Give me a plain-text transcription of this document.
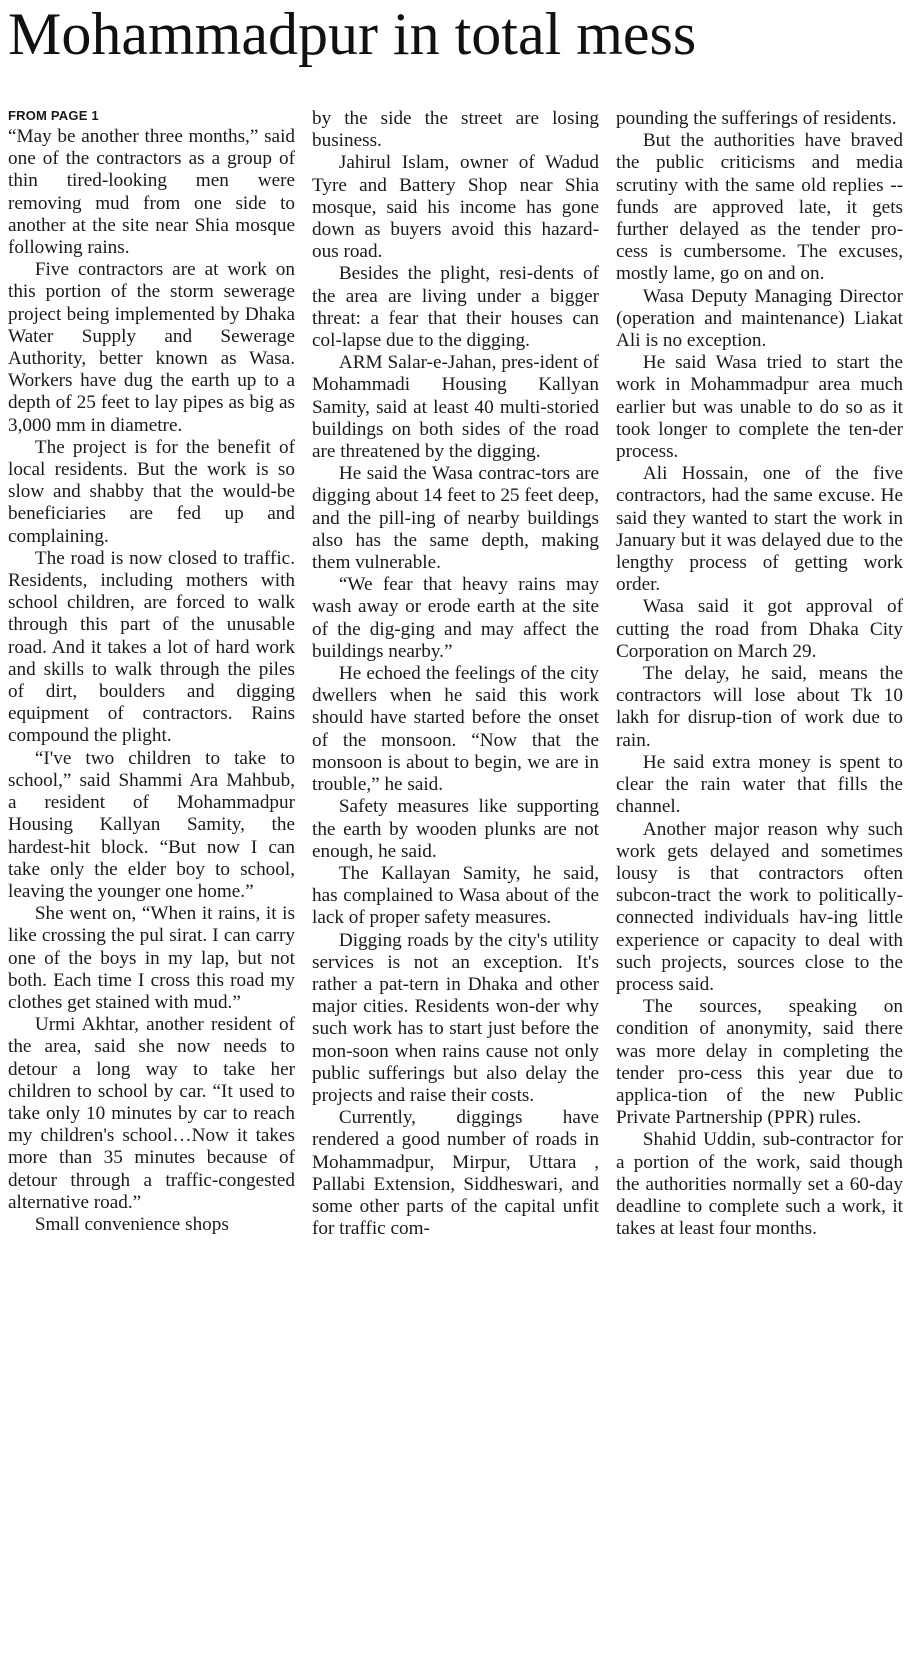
Mohammadpur in total mess
FROM PAGE 1

“May be another three months,” said one of the contractors as a group of thin tired-looking men were removing mud from one side to another at the site near Shia mosque following rains.

Five contractors are at work on this portion of the storm sewerage project being implemented by Dhaka Water Supply and Sewerage Authority, better known as Wasa. Workers have dug the earth up to a depth of 25 feet to lay pipes as big as 3,000 mm in diametre.

The project is for the benefit of local residents. But the work is so slow and shabby that the would-be beneficiaries are fed up and complaining.

The road is now closed to traffic. Residents, including mothers with school children, are forced to walk through this part of the unusable road. And it takes a lot of hard work and skills to walk through the piles of dirt, boulders and digging equipment of contractors. Rains compound the plight.

“I've two children to take to school,” said Shammi Ara Mahbub, a resident of Mohammadpur Housing Kallyan Samity, the hardest-hit block. “But now I can take only the elder boy to school, leaving the younger one home.”

She went on, “When it rains, it is like crossing the pul sirat. I can carry one of the boys in my lap, but not both. Each time I cross this road my clothes get stained with mud.”

Urmi Akhtar, another resident of the area, said she now needs to detour a long way to take her children to school by car. “It used to take only 10 minutes by car to reach my children's school…Now it takes more than 35 minutes because of detour through a traffic-congested alternative road.”

Small convenience shops

by the side the street are losing business.

Jahirul Islam, owner of Wadud Tyre and Battery Shop near Shia mosque, said his income has gone down as buyers avoid this hazard-ous road.

Besides the plight, resi-dents of the area are living under a bigger threat: a fear that their houses can col-lapse due to the digging.

ARM Salar-e-Jahan, pres-ident of Mohammadi Housing Kallyan Samity, said at least 40 multi-storied buildings on both sides of the road are threatened by the digging.

He said the Wasa contrac-tors are digging about 14 feet to 25 feet deep, and the pill-ing of nearby buildings also has the same depth, making them vulnerable.

“We fear that heavy rains may wash away or erode earth at the site of the dig-ging and may affect the buildings nearby.”

He echoed the feelings of the city dwellers when he said this work should have started before the onset of the monsoon. “Now that the monsoon is about to begin, we are in trouble,” he said.

Safety measures like supporting the earth by wooden plunks are not enough, he said.

The Kallayan Samity, he said, has complained to Wasa about of the lack of proper safety measures.

Digging roads by the city's utility services is not an exception. It's rather a pat-tern in Dhaka and other major cities. Residents won-der why such work has to start just before the mon-soon when rains cause not only public sufferings but also delay the projects and raise their costs.

Currently, diggings have rendered a good number of roads in Mohammadpur, Mirpur, Uttara , Pallabi Extension, Siddheswari, and some other parts of the capital unfit for traffic com-

pounding the sufferings of residents.

But the authorities have braved the public criticisms and media scrutiny with the same old replies -- funds are approved late, it gets further delayed as the tender pro-cess is cumbersome. The excuses, mostly lame, go on and on.

Wasa Deputy Managing Director (operation and maintenance) Liakat Ali is no exception.

He said Wasa tried to start the work in Mohammadpur area much earlier but was unable to do so as it took longer to complete the ten-der process.

Ali Hossain, one of the five contractors, had the same excuse. He said they wanted to start the work in January but it was delayed due to the lengthy process of getting work order.

Wasa said it got approval of cutting the road from Dhaka City Corporation on March 29.

The delay, he said, means the contractors will lose about Tk 10 lakh for disrup-tion of work due to rain.

He said extra money is spent to clear the rain water that fills the channel.

Another major reason why such work gets delayed and sometimes lousy is that contractors often subcon-tract the work to politically-connected individuals hav-ing little experience or capacity to deal with such projects, sources close to the process said.

The sources, speaking on condition of anonymity, said there was more delay in completing the tender pro-cess this year due to applica-tion of the new Public Private Partnership (PPR) rules.

Shahid Uddin, sub-contractor for a portion of the work, said though the authorities normally set a 60-day deadline to complete such a work, it takes at least four months.
